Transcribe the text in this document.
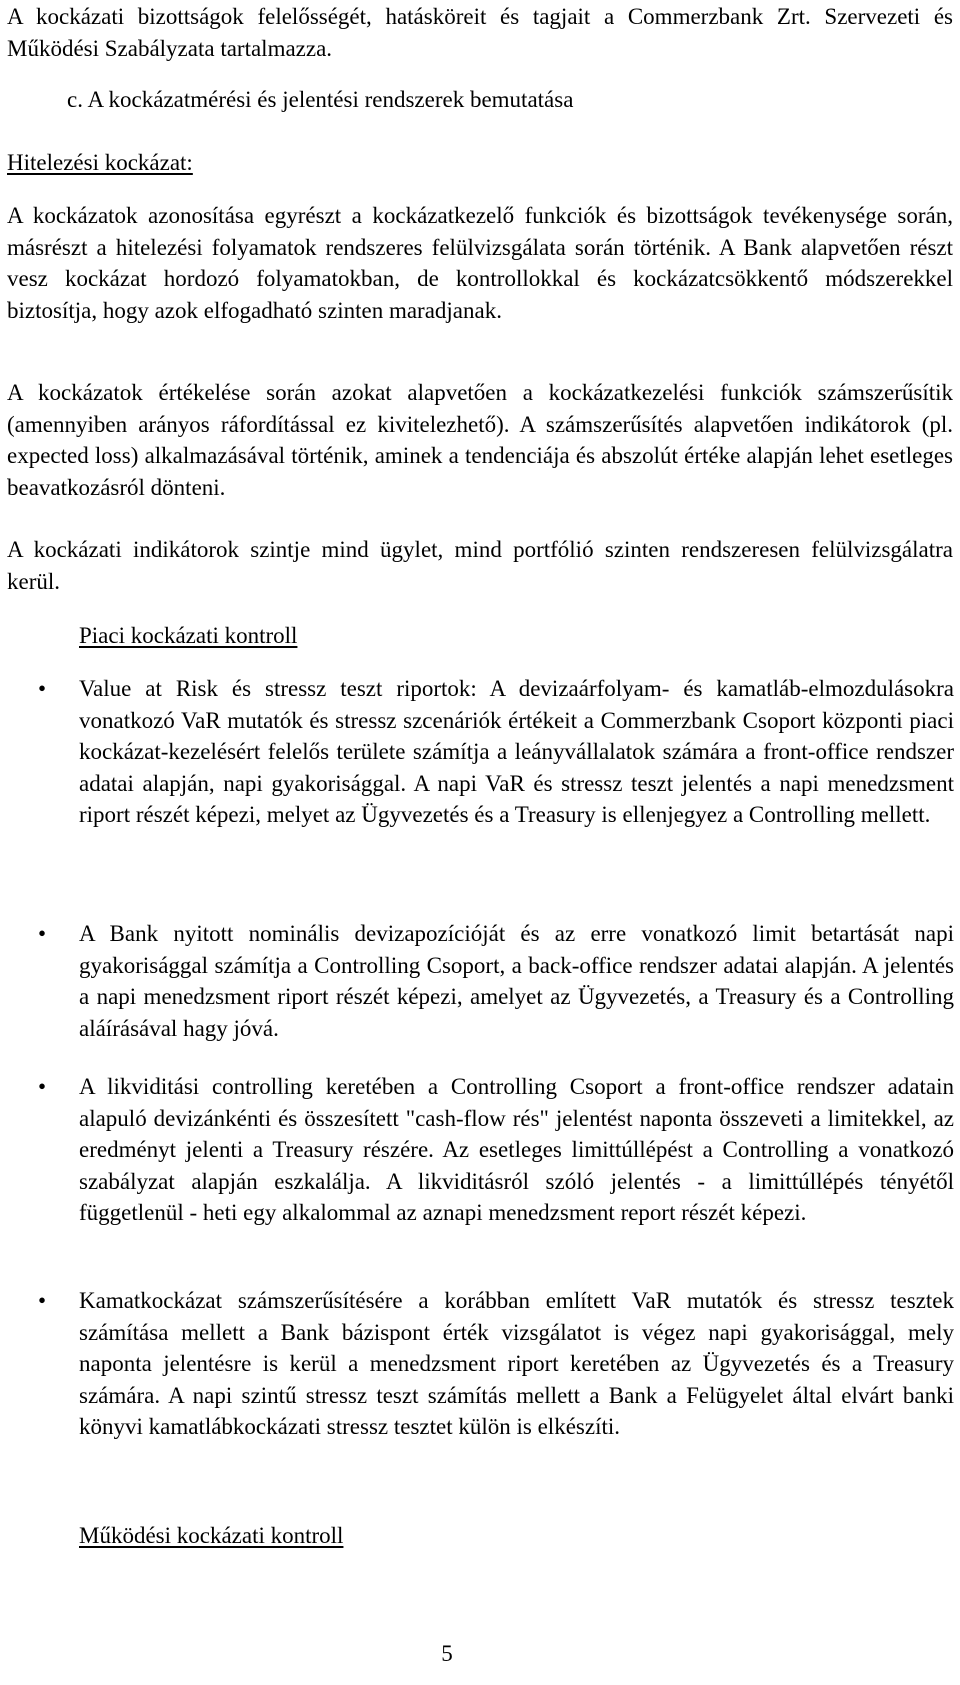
A kockázati bizottságok felelősségét, hatásköreit és tagjait a Commerzbank Zrt. Szervezeti és Működési Szabályzata tartalmazza.

c. A kockázatmérési és jelentési rendszerek bemutatása

Hitelezési kockázat:

A kockázatok azonosítása egyrészt a kockázatkezelő funkciók és bizottságok tevékenysége során, másrészt a hitelezési folyamatok rendszeres felülvizsgálata során történik. A Bank alapvetően részt vesz kockázat hordozó folyamatokban, de kontrollokkal és kockázatcsökkentő módszerekkel biztosítja, hogy azok elfogadható szinten maradjanak.

A kockázatok értékelése során azokat alapvetően a kockázatkezelési funkciók számszerűsítik (amennyiben arányos ráfordítással ez kivitelezhető). A számszerűsítés alapvetően indikátorok (pl. expected loss) alkalmazásával történik, aminek a tendenciája és abszolút értéke alapján lehet esetleges beavatkozásról dönteni.

A kockázati indikátorok szintje mind ügylet, mind portfólió szinten rendszeresen felülvizsgálatra kerül.

Piaci kockázati kontroll

• Value at Risk és stressz teszt riportok: A devizaárfolyam- és kamatláb-elmozdulásokra vonatkozó VaR mutatók és stressz szcenáriók értékeit a Commerzbank Csoport központi piaci kockázat-kezelésért felelős területe számítja a leányvállalatok számára a front-office rendszer adatai alapján, napi gyakorisággal. A napi VaR és stressz teszt jelentés a napi menedzsment riport részét képezi, melyet az Ügyvezetés és a Treasury is ellenjegyez a Controlling mellett.

• A Bank nyitott nominális devizapozícióját és az erre vonatkozó limit betartását napi gyakorisággal számítja a Controlling Csoport, a back-office rendszer adatai alapján. A jelentés a napi menedzsment riport részét képezi, amelyet az Ügyvezetés, a Treasury és a Controlling aláírásával hagy jóvá.

• A likviditási controlling keretében a Controlling Csoport a front-office rendszer adatain alapuló devizánkénti és összesített "cash-flow rés" jelentést naponta összeveti a limitekkel, az eredményt jelenti a Treasury részére. Az esetleges limittúllépést a Controlling a vonatkozó szabályzat alapján eszkalálja. A likviditásról szóló jelentés - a limittúllépés tényétől függetlenül - heti egy alkalommal az aznapi menedzsment report részét képezi.

• Kamatkockázat számszerűsítésére a korábban említett VaR mutatók és stressz tesztek számítása mellett a Bank bázispont érték vizsgálatot is végez napi gyakorisággal, mely naponta jelentésre is kerül a menedzsment riport keretében az Ügyvezetés és a Treasury számára. A napi szintű stressz teszt számítás mellett a Bank a Felügyelet által elvárt banki könyvi kamatlábkockázati stressz tesztet külön is elkészíti.

Működési kockázati kontroll

5
